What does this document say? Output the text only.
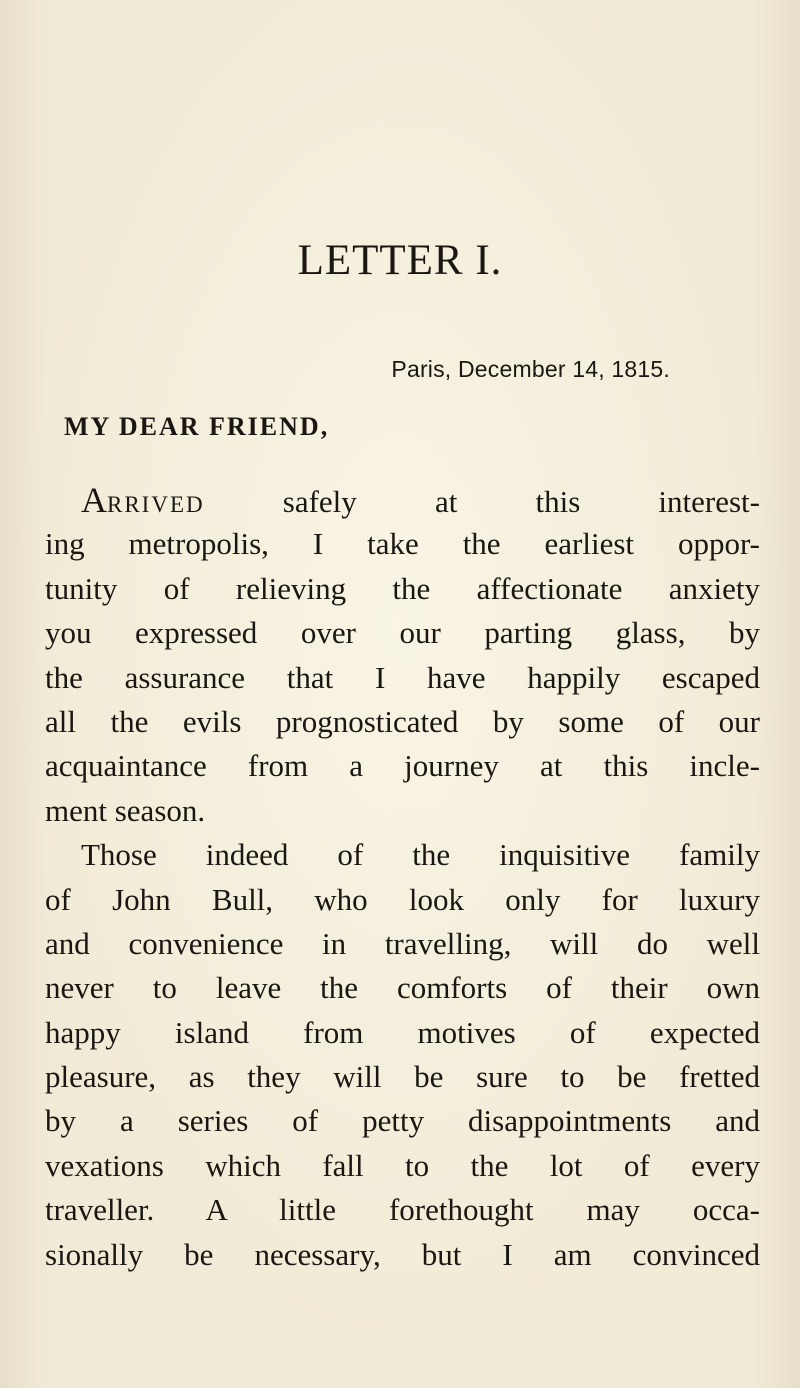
LETTER I.
Paris, December 14, 1815.
MY DEAR FRIEND,
ARRIVED safely at this interest-
ing metropolis, I take the earliest oppor-
tunity of relieving the affectionate anxiety
you expressed over our parting glass, by
the assurance that I have happily escaped
all the evils prognosticated by some of our
acquaintance from a journey at this incle-
ment season.
Those indeed of the inquisitive family
of John Bull, who look only for luxury
and convenience in travelling, will do well
never to leave the comforts of their own
happy island from motives of expected
pleasure, as they will be sure to be fretted
by a series of petty disappointments and
vexations which fall to the lot of every
traveller. A little forethought may occa-
sionally be necessary, but I am convinced
